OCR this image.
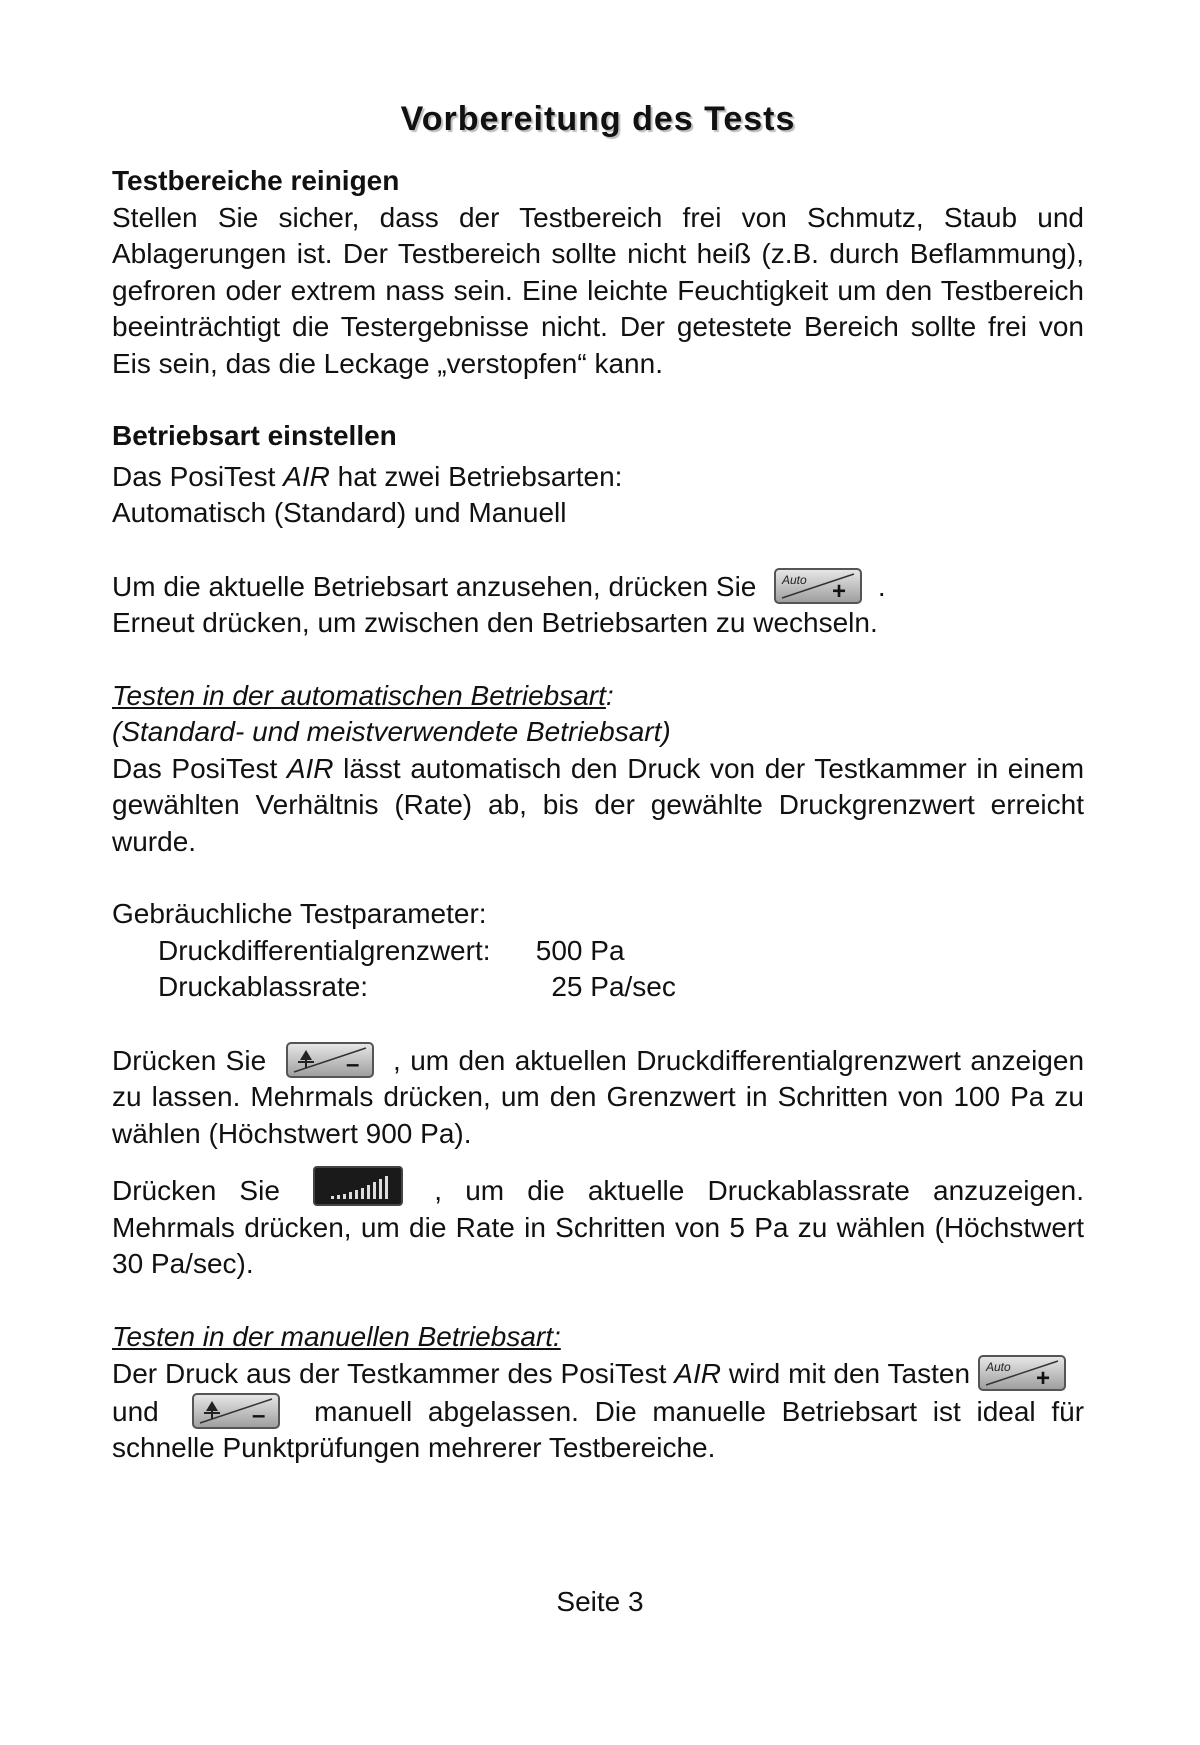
Vorbereitung des Tests

Testbereiche reinigen

Stellen Sie sicher, dass der Testbereich frei von Schmutz, Staub und Ablagerungen ist. Der Testbereich sollte nicht heiß (z.B. durch Beflammung), gefroren oder extrem nass sein. Eine leichte Feuchtigkeit um den Testbereich beeinträchtigt die Testergebnisse nicht. Der getestete Bereich sollte frei von Eis sein, das die Leckage „verstopfen“ kann.

Betriebsart einstellen

Das PosiTest AIR hat zwei Betriebsarten:

Automatisch (Standard) und Manuell

Um die aktuelle Betriebsart anzusehen, drücken Sie Auto + .

Erneut drücken, um zwischen den Betriebsarten zu wechseln.

Testen in der automatischen Betriebsart:

(Standard- und meistverwendete Betriebsart)

Das PosiTest AIR lässt automatisch den Druck von der Testkammer in einem gewählten Verhältnis (Rate) ab, bis der gewählte Druckgrenzwert erreicht wurde.

Gebräuchliche Testparameter:

Druckdifferentialgrenzwert:	500 Pa
Druckablassrate:	25 Pa/sec

Drücken Sie	– , um den aktuellen Druckdifferentialgrenzwert anzeigen zu lassen. Mehrmals drücken, um den Grenzwert in Schritten von 100 Pa zu wählen (Höchstwert 900 Pa).

Drücken Sie	, um die aktuelle Druckablassrate anzuzeigen. Mehrmals drücken, um die Rate in Schritten von 5 Pa zu wählen (Höchstwert 30 Pa/sec).

Testen in der manuellen Betriebsart:

Der Druck aus der Testkammer des PosiTest AIR wird mit den Tasten Auto +
und	– manuell abgelassen. Die manuelle Betriebsart ist ideal für schnelle Punktprüfungen mehrerer Testbereiche.

Seite 3
